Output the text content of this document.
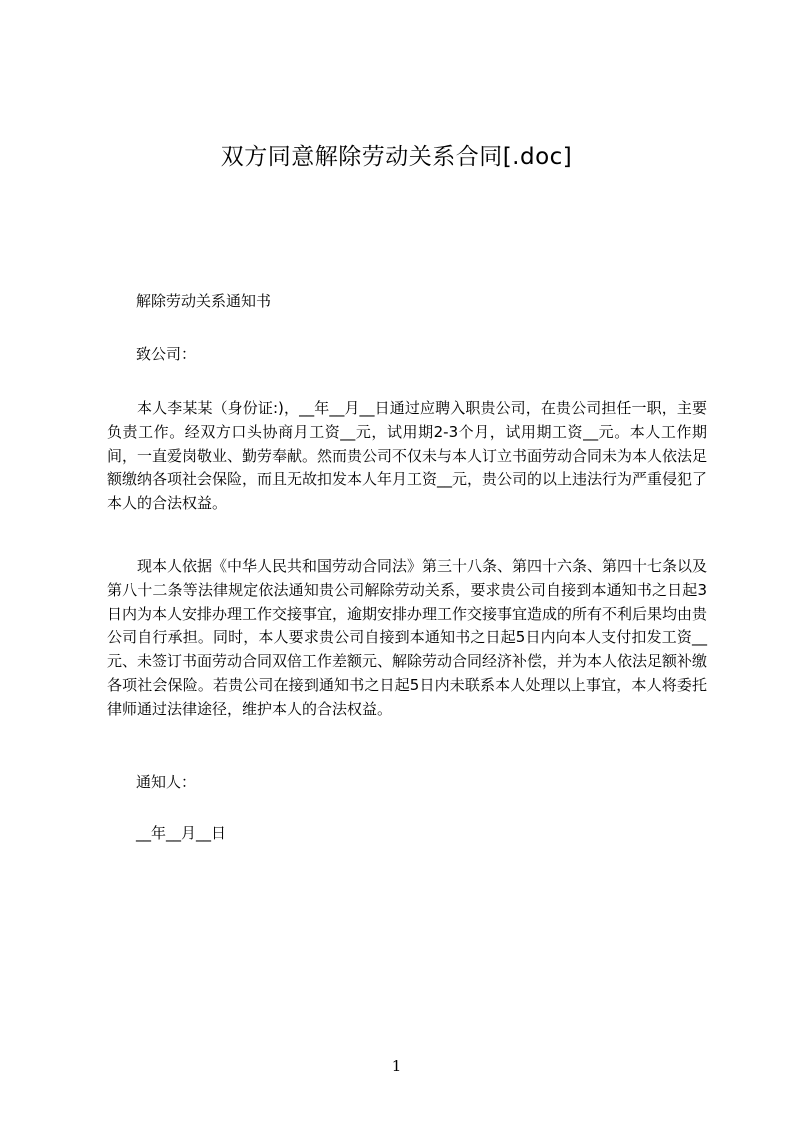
双方同意解除劳动关系合同[.doc]

解除劳动关系通知书

致公司：

本人李某某（身份证:)，__年__月__日通过应聘入职贵公司，在贵公司担任一职，主要负责工作。经双方口头协商月工资__元，试用期2-3个月，试用期工资__元。本人工作期间，一直爱岗敬业、勤劳奉献。然而贵公司不仅未与本人订立书面劳动合同未为本人依法足额缴纳各项社会保险，而且无故扣发本人年月工资__元，贵公司的以上违法行为严重侵犯了本人的合法权益。

现本人依据《中华人民共和国劳动合同法》第三十八条、第四十六条、第四十七条以及第八十二条等法律规定依法通知贵公司解除劳动关系，要求贵公司自接到本通知书之日起3日内为本人安排办理工作交接事宜，逾期安排办理工作交接事宜造成的所有不利后果均由贵公司自行承担。同时，本人要求贵公司自接到本通知书之日起5日内向本人支付扣发工资__元、未签订书面劳动合同双倍工作差额元、解除劳动合同经济补偿，并为本人依法足额补缴各项社会保险。若贵公司在接到通知书之日起5日内未联系本人处理以上事宜，本人将委托律师通过法律途径，维护本人的合法权益。

通知人：

__年__月__日

1
